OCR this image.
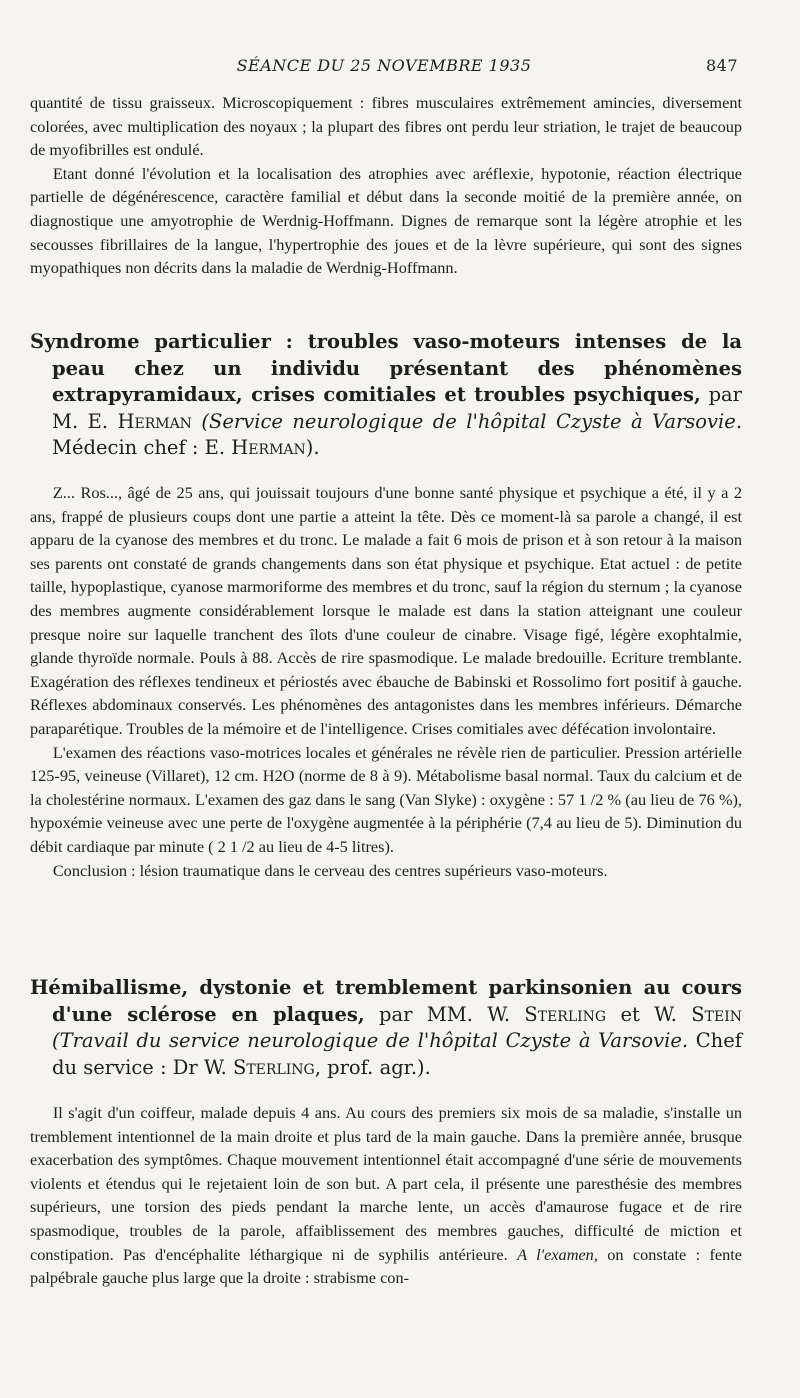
SÉANCE DU 25 NOVEMBRE 1935	847

quantité de tissu graisseux. Microscopiquement : fibres musculaires extrêmement amincies, diversement colorées, avec multiplication des noyaux ; la plupart des fibres ont perdu leur striation, le trajet de beaucoup de myofibrilles est ondulé.

Etant donné l'évolution et la localisation des atrophies avec aréflexie, hypotonie, réaction électrique partielle de dégénérescence, caractère familial et début dans la seconde moitié de la première année, on diagnostique une amyotrophie de Werdnig-Hoffmann. Dignes de remarque sont la légère atrophie et les secousses fibrillaires de la langue, l'hypertrophie des joues et de la lèvre supérieure, qui sont des signes myopathiques non décrits dans la maladie de Werdnig-Hoffmann.

Syndrome particulier : troubles vaso-moteurs intenses de la peau chez un individu présentant des phénomènes extrapyramidaux, crises comitiales et troubles psychiques, par M. E. Herman (Service neurologique de l'hôpital Czyste à Varsovie. Médecin chef : E. Herman).

Z... Ros..., âgé de 25 ans, qui jouissait toujours d'une bonne santé physique et psychique a été, il y a 2 ans, frappé de plusieurs coups dont une partie a atteint la tête. Dès ce moment-là sa parole a changé, il est apparu de la cyanose des membres et du tronc. Le malade a fait 6 mois de prison et à son retour à la maison ses parents ont constaté de grands changements dans son état physique et psychique. Etat actuel : de petite taille, hypoplastique, cyanose marmoriforme des membres et du tronc, sauf la région du sternum ; la cyanose des membres augmente considérablement lorsque le malade est dans la station atteignant une couleur presque noire sur laquelle tranchent des îlots d'une couleur de cinabre. Visage figé, légère exophtalmie, glande thyroïde normale. Pouls à 88. Accès de rire spasmodique. Le malade bredouille. Ecriture tremblante. Exagération des réflexes tendineux et périostés avec ébauche de Babinski et Rossolimo fort positif à gauche. Réflexes abdominaux conservés. Les phénomènes des antagonistes dans les membres inférieurs. Démarche paraparétique. Troubles de la mémoire et de l'intelligence. Crises comitiales avec défécation involontaire.

L'examen des réactions vaso-motrices locales et générales ne révèle rien de particulier. Pression artérielle 125-95, veineuse (Villaret), 12 cm. H2O (norme de 8 à 9). Métabolisme basal normal. Taux du calcium et de la cholestérine normaux. L'examen des gaz dans le sang (Van Slyke) : oxygène : 57 1 /2 % (au lieu de 76 %), hypoxémie veineuse avec une perte de l'oxygène augmentée à la périphérie (7,4 au lieu de 5). Diminution du débit cardiaque par minute ( 2 1 /2 au lieu de 4-5 litres).

Conclusion : lésion traumatique dans le cerveau des centres supérieurs vaso-moteurs.

Hémiballisme, dystonie et tremblement parkinsonien au cours d'une sclérose en plaques, par MM. W. Sterling et W. Stein (Travail du service neurologique de l'hôpital Czyste à Varsovie. Chef du service : Dr W. Sterling, prof. agr.).

Il s'agit d'un coiffeur, malade depuis 4 ans. Au cours des premiers six mois de sa maladie, s'installe un tremblement intentionnel de la main droite et plus tard de la main gauche. Dans la première année, brusque exacerbation des symptômes. Chaque mouvement intentionnel était accompagné d'une série de mouvements violents et étendus qui le rejetaient loin de son but. A part cela, il présente une paresthésie des membres supérieurs, une torsion des pieds pendant la marche lente, un accès d'amaurose fugace et de rire spasmodique, troubles de la parole, affaiblissement des membres gauches, difficulté de miction et constipation. Pas d'encéphalite léthargique ni de syphilis antérieure. A l'examen, on constate : fente palpébrale gauche plus large que la droite : strabisme con-
